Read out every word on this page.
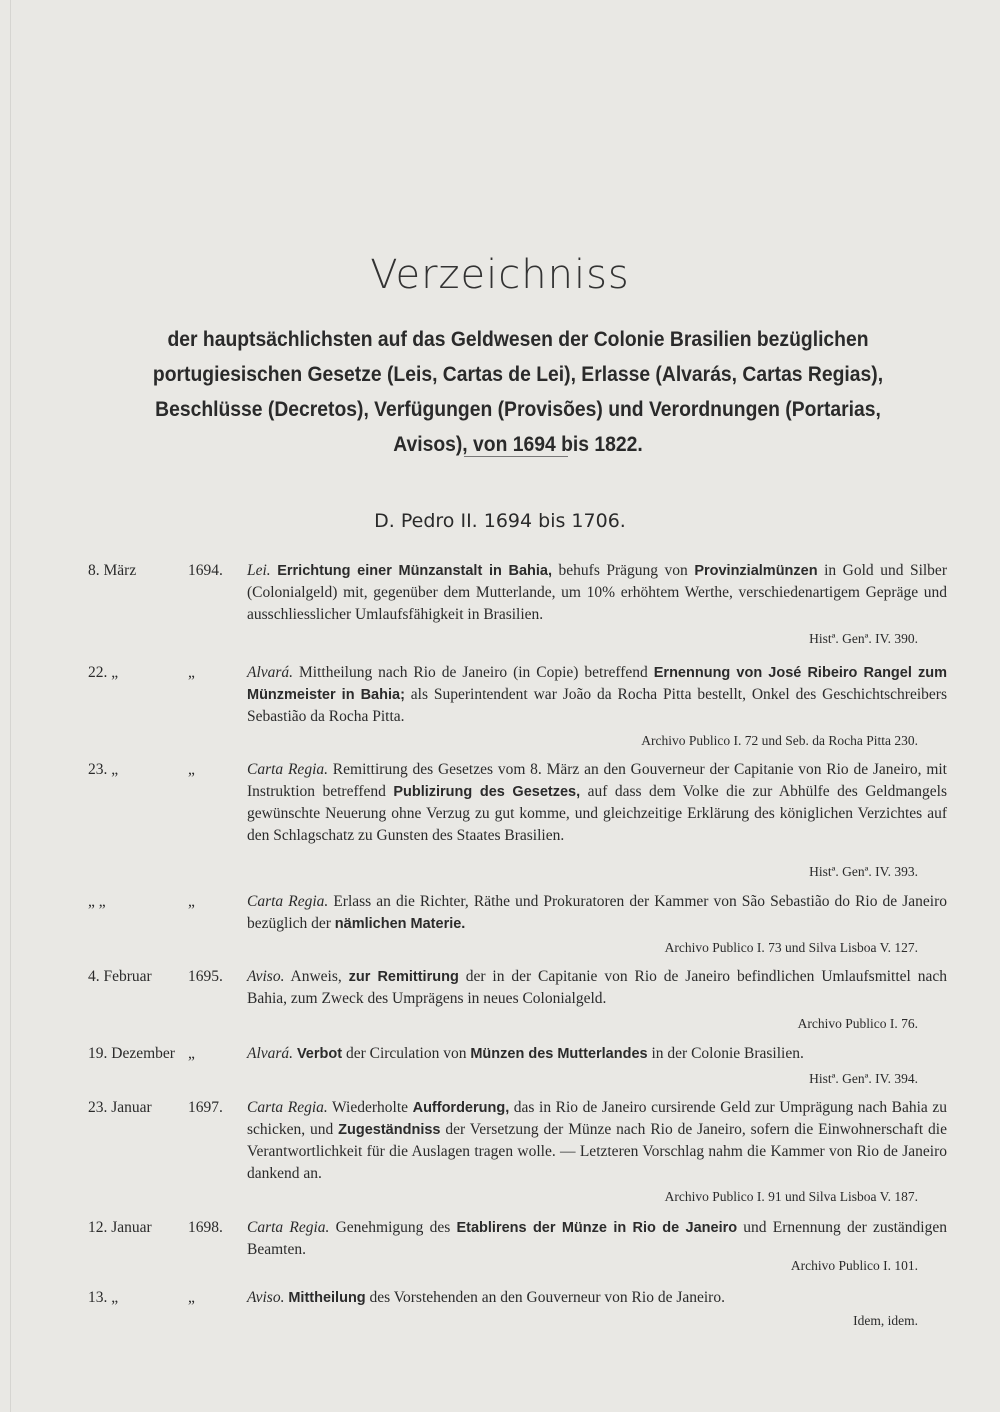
Verzeichniss
der hauptsächlichsten auf das Geldwesen der Colonie Brasilien bezüglichen portugiesischen Gesetze (Leis, Cartas de Lei), Erlasse (Alvarás, Cartas Regias), Beschlüsse (Decretos), Verfügungen (Provisões) und Verordnungen (Portarias, Avisos), von 1694 bis 1822.
D. Pedro II. 1694 bis 1706.
8. März	1694. Lei. Errichtung einer Münzanstalt in Bahia, behufs Prägung von Provinzialmünzen in Gold und Silber (Colonialgeld) mit, gegenüber dem Mutterlande, um 10% erhöhtem Werthe, verschiedenartigem Gepräge und ausschliesslicher Umlaufsfähigkeit in Brasilien.
Histª. Genª. IV. 390.
22. „	„	Alvará. Mittheilung nach Rio de Janeiro (in Copie) betreffend Ernennung von José Ribeiro Rangel zum Münzmeister in Bahia; als Superintendent war João da Rocha Pitta bestellt, Onkel des Geschichtschreibers Sebastião da Rocha Pitta.
Archivo Publico I. 72 und Seb. da Rocha Pitta 230.
23. „	„	Carta Regia. Remittirung des Gesetzes vom 8. März an den Gouverneur der Capitanie von Rio de Janeiro, mit Instruktion betreffend Publizirung des Gesetzes, auf dass dem Volke die zur Abhülfe des Geldmangels gewünschte Neuerung ohne Verzug zu gut komme, und gleichzeitige Erklärung des königlichen Verzichtes auf den Schlagschatz zu Gunsten des Staates Brasilien.
Histª. Genª. IV. 393.
„ „	„	Carta Regia. Erlass an die Richter, Räthe und Prokuratoren der Kammer von São Sebastião do Rio de Janeiro bezüglich der nämlichen Materie.
Archivo Publico I. 73 und Silva Lisboa V. 127.
4. Februar 1695. Aviso. Anweis, zur Remittirung der in der Capitanie von Rio de Janeiro befindlichen Umlaufsmittel nach Bahia, zum Zweck des Umprägens in neues Colonialgeld.
Archivo Publico I. 76.
19. Dezember „	Alvará. Verbot der Circulation von Münzen des Mutterlandes in der Colonie Brasilien.
Histª. Genª. IV. 394.
23. Januar 1697. Carta Regia. Wiederholte Aufforderung, das in Rio de Janeiro cursirende Geld zur Umprägung nach Bahia zu schicken, und Zugeständniss der Versetzung der Münze nach Rio de Janeiro, sofern die Einwohnerschaft die Verantwortlichkeit für die Auslagen tragen wolle. — Letzteren Vorschlag nahm die Kammer von Rio de Janeiro dankend an.
Archivo Publico I. 91 und Silva Lisboa V. 187.
12. Januar 1698. Carta Regia. Genehmigung des Etablirens der Münze in Rio de Janeiro und Ernennung der zuständigen Beamten.
Archivo Publico I. 101.
13. „	„	Aviso. Mittheilung des Vorstehenden an den Gouverneur von Rio de Janeiro.
Idem, idem.
